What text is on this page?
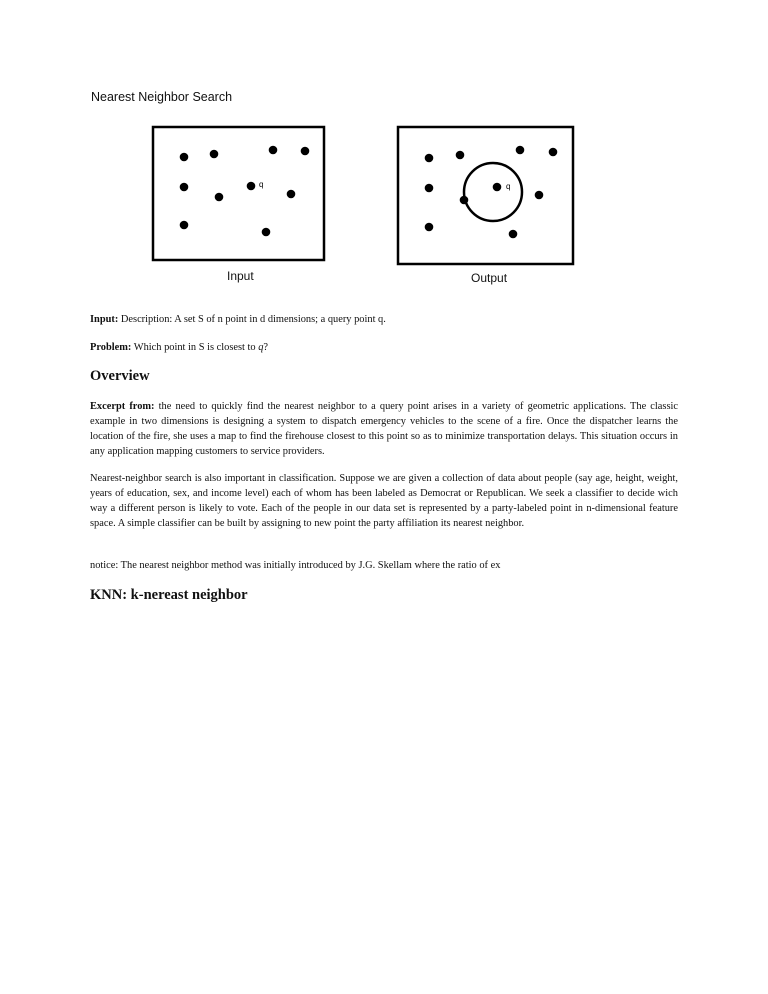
Nearest Neighbor Search
q
Input
q
Output

Input: Description: A set S of n point in d dimensions; a query point q.

Problem: Which point in S is closest to q?

Overview

Excerpt from: the need to quickly find the nearest neighbor to a query point arises in a variety of geometric applications. The classic example in two dimensions is designing a system to dispatch emergency vehicles to the scene of a fire. Once the dispatcher learns the location of the fire, she uses a map to find the firehouse closest to this point so as to minimize transportation delays. This situation occurs in any application mapping customers to service providers.

Nearest-neighbor search is also important in classification. Suppose we are given a collection of data about people (say age, height, weight, years of education, sex, and income level) each of whom has been labeled as Democrat or Republican. We seek a classifier to decide wich way a different person is likely to vote. Each of the people in our data set is represented by a party-labeled point in n-dimensional feature space. A simple classifier can be built by assigning to new point the party affiliation its nearest neighbor.

notice: The nearest neighbor method was initially introduced by J.G. Skellam where the ratio of ex

KNN: k-nereast neighbor
